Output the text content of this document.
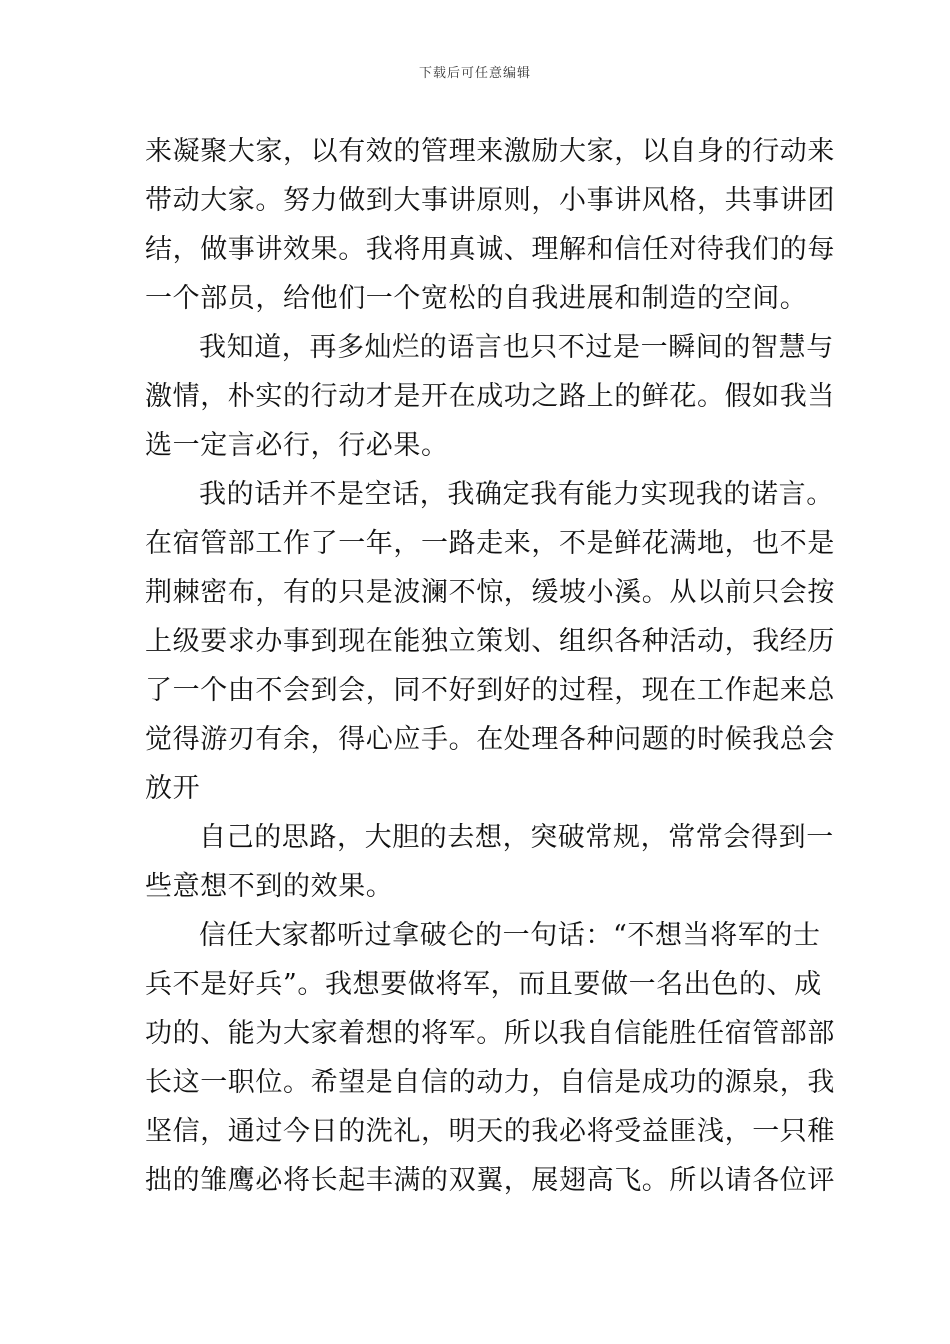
下载后可任意编辑
来凝聚大家，以有效的管理来激励大家，以自身的行动来
带动大家。努力做到大事讲原则，小事讲风格，共事讲团
结，做事讲效果。我将用真诚、理解和信任对待我们的每
一个部员，给他们一个宽松的自我进展和制造的空间。
我知道，再多灿烂的语言也只不过是一瞬间的智慧与
激情，朴实的行动才是开在成功之路上的鲜花。假如我当
选一定言必行，行必果。
我的话并不是空话，我确定我有能力实现我的诺言。
在宿管部工作了一年，一路走来，不是鲜花满地，也不是
荆棘密布，有的只是波澜不惊，缓坡小溪。从以前只会按
上级要求办事到现在能独立策划、组织各种活动，我经历
了一个由不会到会，同不好到好的过程，现在工作起来总
觉得游刃有余，得心应手。在处理各种问题的时候我总会
放开
自己的思路，大胆的去想，突破常规，常常会得到一
些意想不到的效果。
信任大家都听过拿破仑的一句话：“不想当将军的士
兵不是好兵”。我想要做将军，而且要做一名出色的、成
功的、能为大家着想的将军。所以我自信能胜任宿管部部
长这一职位。希望是自信的动力，自信是成功的源泉，我
坚信，通过今日的洗礼，明天的我必将受益匪浅，一只稚
拙的雏鹰必将长起丰满的双翼，展翅高飞。所以请各位评
